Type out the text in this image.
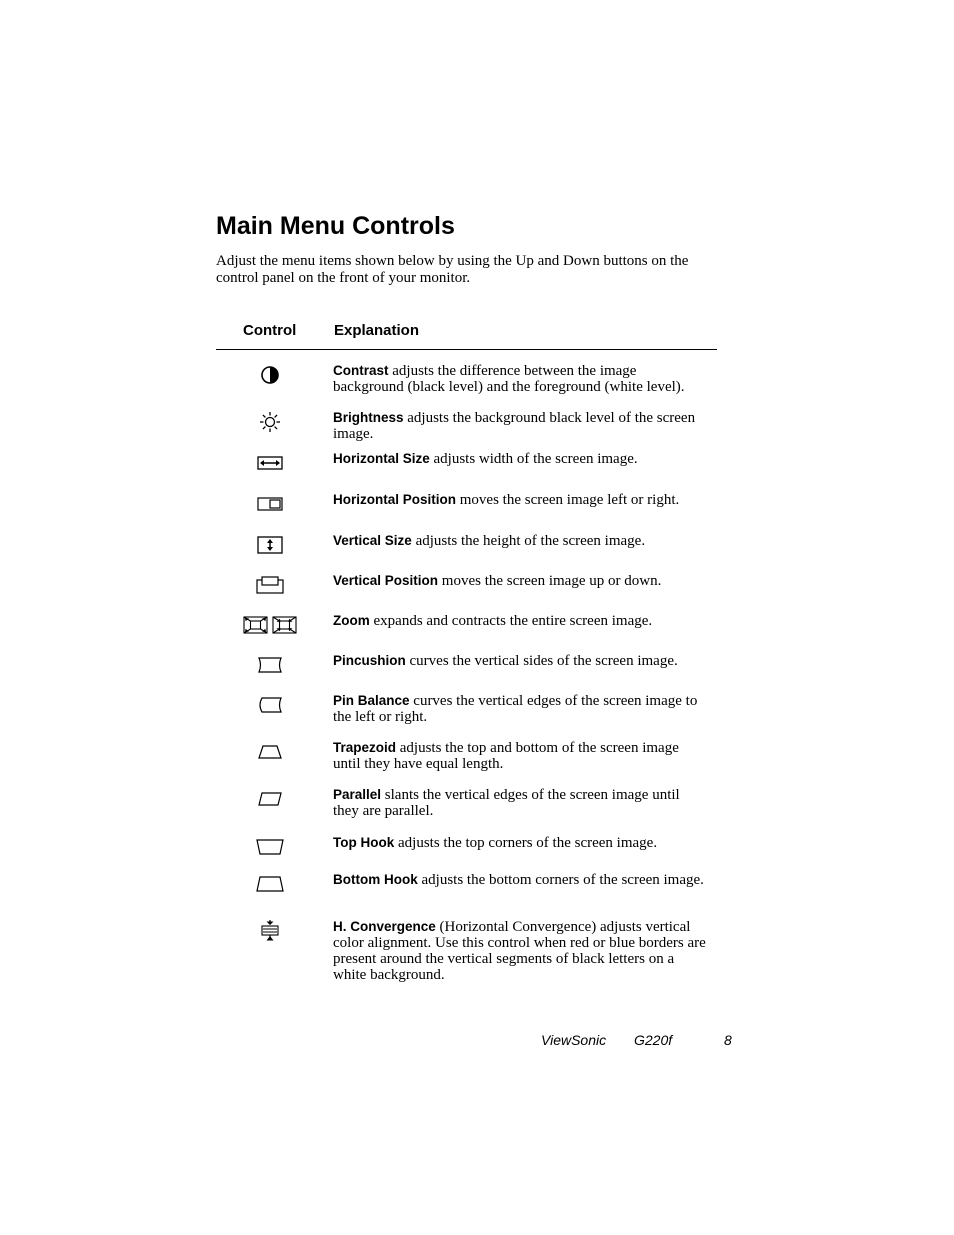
Main Menu Controls

Adjust the menu items shown below by using the Up and Down buttons on the control panel on the front of your monitor.

Control	Explanation
Contrast adjusts the difference between the image background (black level) and the foreground (white level).
Brightness adjusts the background black level of the screen image.
Horizontal Size adjusts width of the screen image.
Horizontal Position moves the screen image left or right.
Vertical Size adjusts the height of the screen image.
Vertical Position moves the screen image up or down.
Zoom expands and contracts the entire screen image.
Pincushion curves the vertical sides of the screen image.
Pin Balance curves the vertical edges of the screen image to the left or right.
Trapezoid adjusts the top and bottom of the screen image until they have equal length.
Parallel slants the vertical edges of the screen image until they are parallel.
Top Hook adjusts the top corners of the screen image.
Bottom Hook adjusts the bottom corners of the screen image.
H. Convergence (Horizontal Convergence) adjusts vertical color alignment. Use this control when red or blue borders are present around the vertical segments of black letters on a white background.
ViewSonic G220f	8
